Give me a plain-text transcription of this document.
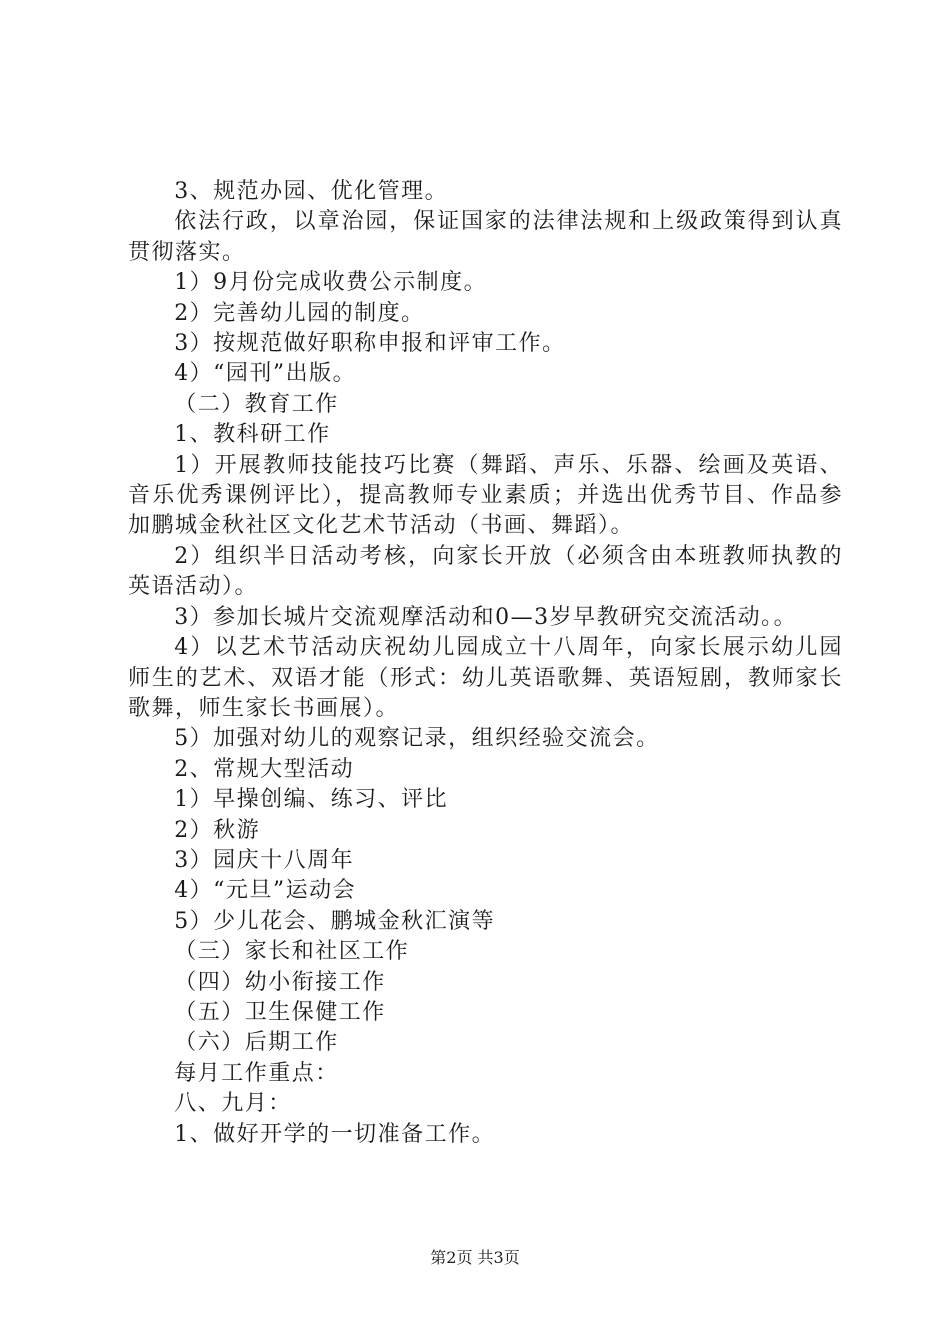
3、规范办园、优化管理。

依法行政，以章治园，保证国家的法律法规和上级政策得到认真贯彻落实。

1）9月份完成收费公示制度。

2）完善幼儿园的制度。

3）按规范做好职称申报和评审工作。

4）“园刊”出版。

（二）教育工作

1、教科研工作

1）开展教师技能技巧比赛（舞蹈、声乐、乐器、绘画及英语、音乐优秀课例评比），提高教师专业素质；并选出优秀节目、作品参加鹏城金秋社区文化艺术节活动（书画、舞蹈）。

2）组织半日活动考核，向家长开放（必须含由本班教师执教的英语活动）。

3）参加长城片交流观摩活动和0—3岁早教研究交流活动。。

4）以艺术节活动庆祝幼儿园成立十八周年，向家长展示幼儿园师生的艺术、双语才能（形式：幼儿英语歌舞、英语短剧，教师家长歌舞，师生家长书画展）。

5）加强对幼儿的观察记录，组织经验交流会。

2、常规大型活动

1）早操创编、练习、评比

2）秋游

3）园庆十八周年

4）“元旦”运动会

5）少儿花会、鹏城金秋汇演等

（三）家长和社区工作

（四）幼小衔接工作

（五）卫生保健工作

（六）后期工作

每月工作重点：

八、九月：

1、做好开学的一切准备工作。

第2页 共3页
